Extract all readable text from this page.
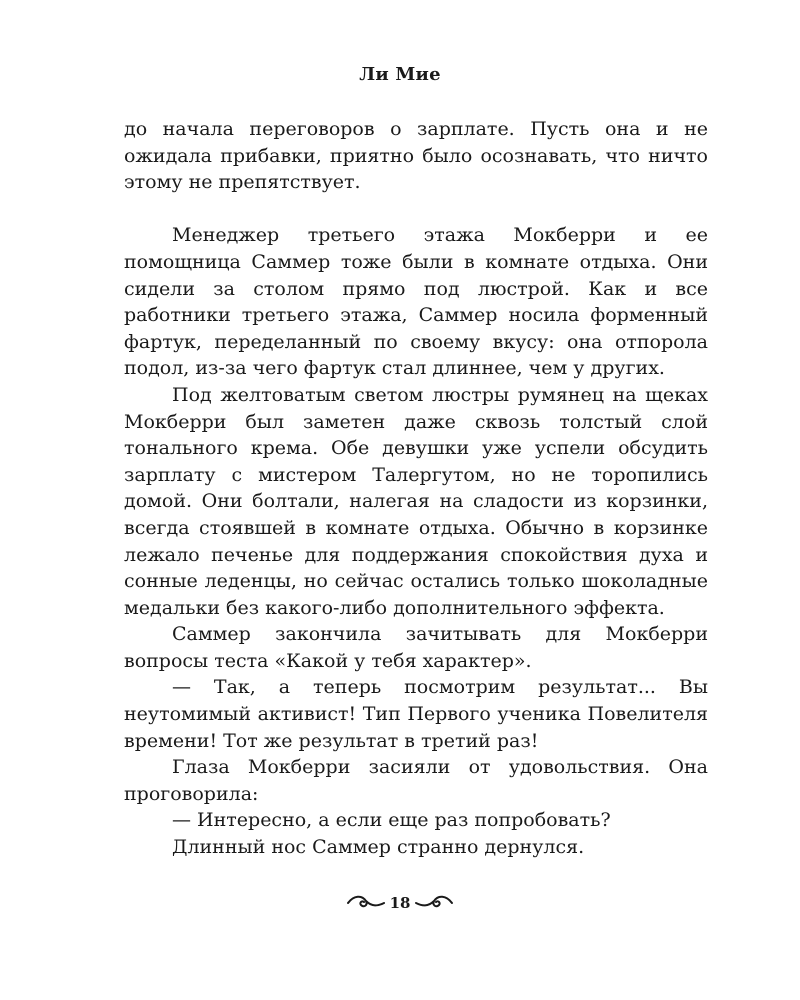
Ли Мие

до начала переговоров о зарплате. Пусть она и не ожидала прибавки, приятно было осознавать, что ничто этому не препятствует.

Менеджер третьего этажа Мокберри и ее помощница Саммер тоже были в комнате отдыха. Они сидели за столом прямо под люстрой. Как и все работники третьего этажа, Саммер носила форменный фартук, переделанный по своему вкусу: она отпорола подол, из-за чего фартук стал длиннее, чем у других.

Под желтоватым светом люстры румянец на щеках Мокберри был заметен даже сквозь толстый слой тонального крема. Обе девушки уже успели обсудить зарплату с мистером Талергутом, но не торопились домой. Они болтали, налегая на сладости из корзинки, всегда стоявшей в комнате отдыха. Обычно в корзинке лежало печенье для поддержания спокойствия духа и сонные леденцы, но сейчас остались только шоколадные медальки без какого-либо дополнительного эффекта.

Саммер закончила зачитывать для Мокберри вопросы теста «Какой у тебя характер».

— Так, а теперь посмотрим результат... Вы неутомимый активист! Тип Первого ученика Повелителя времени! Тот же результат в третий раз!

Глаза Мокберри засияли от удовольствия. Она проговорила:

— Интересно, а если еще раз попробовать?

Длинный нос Саммер странно дернулся.

18
